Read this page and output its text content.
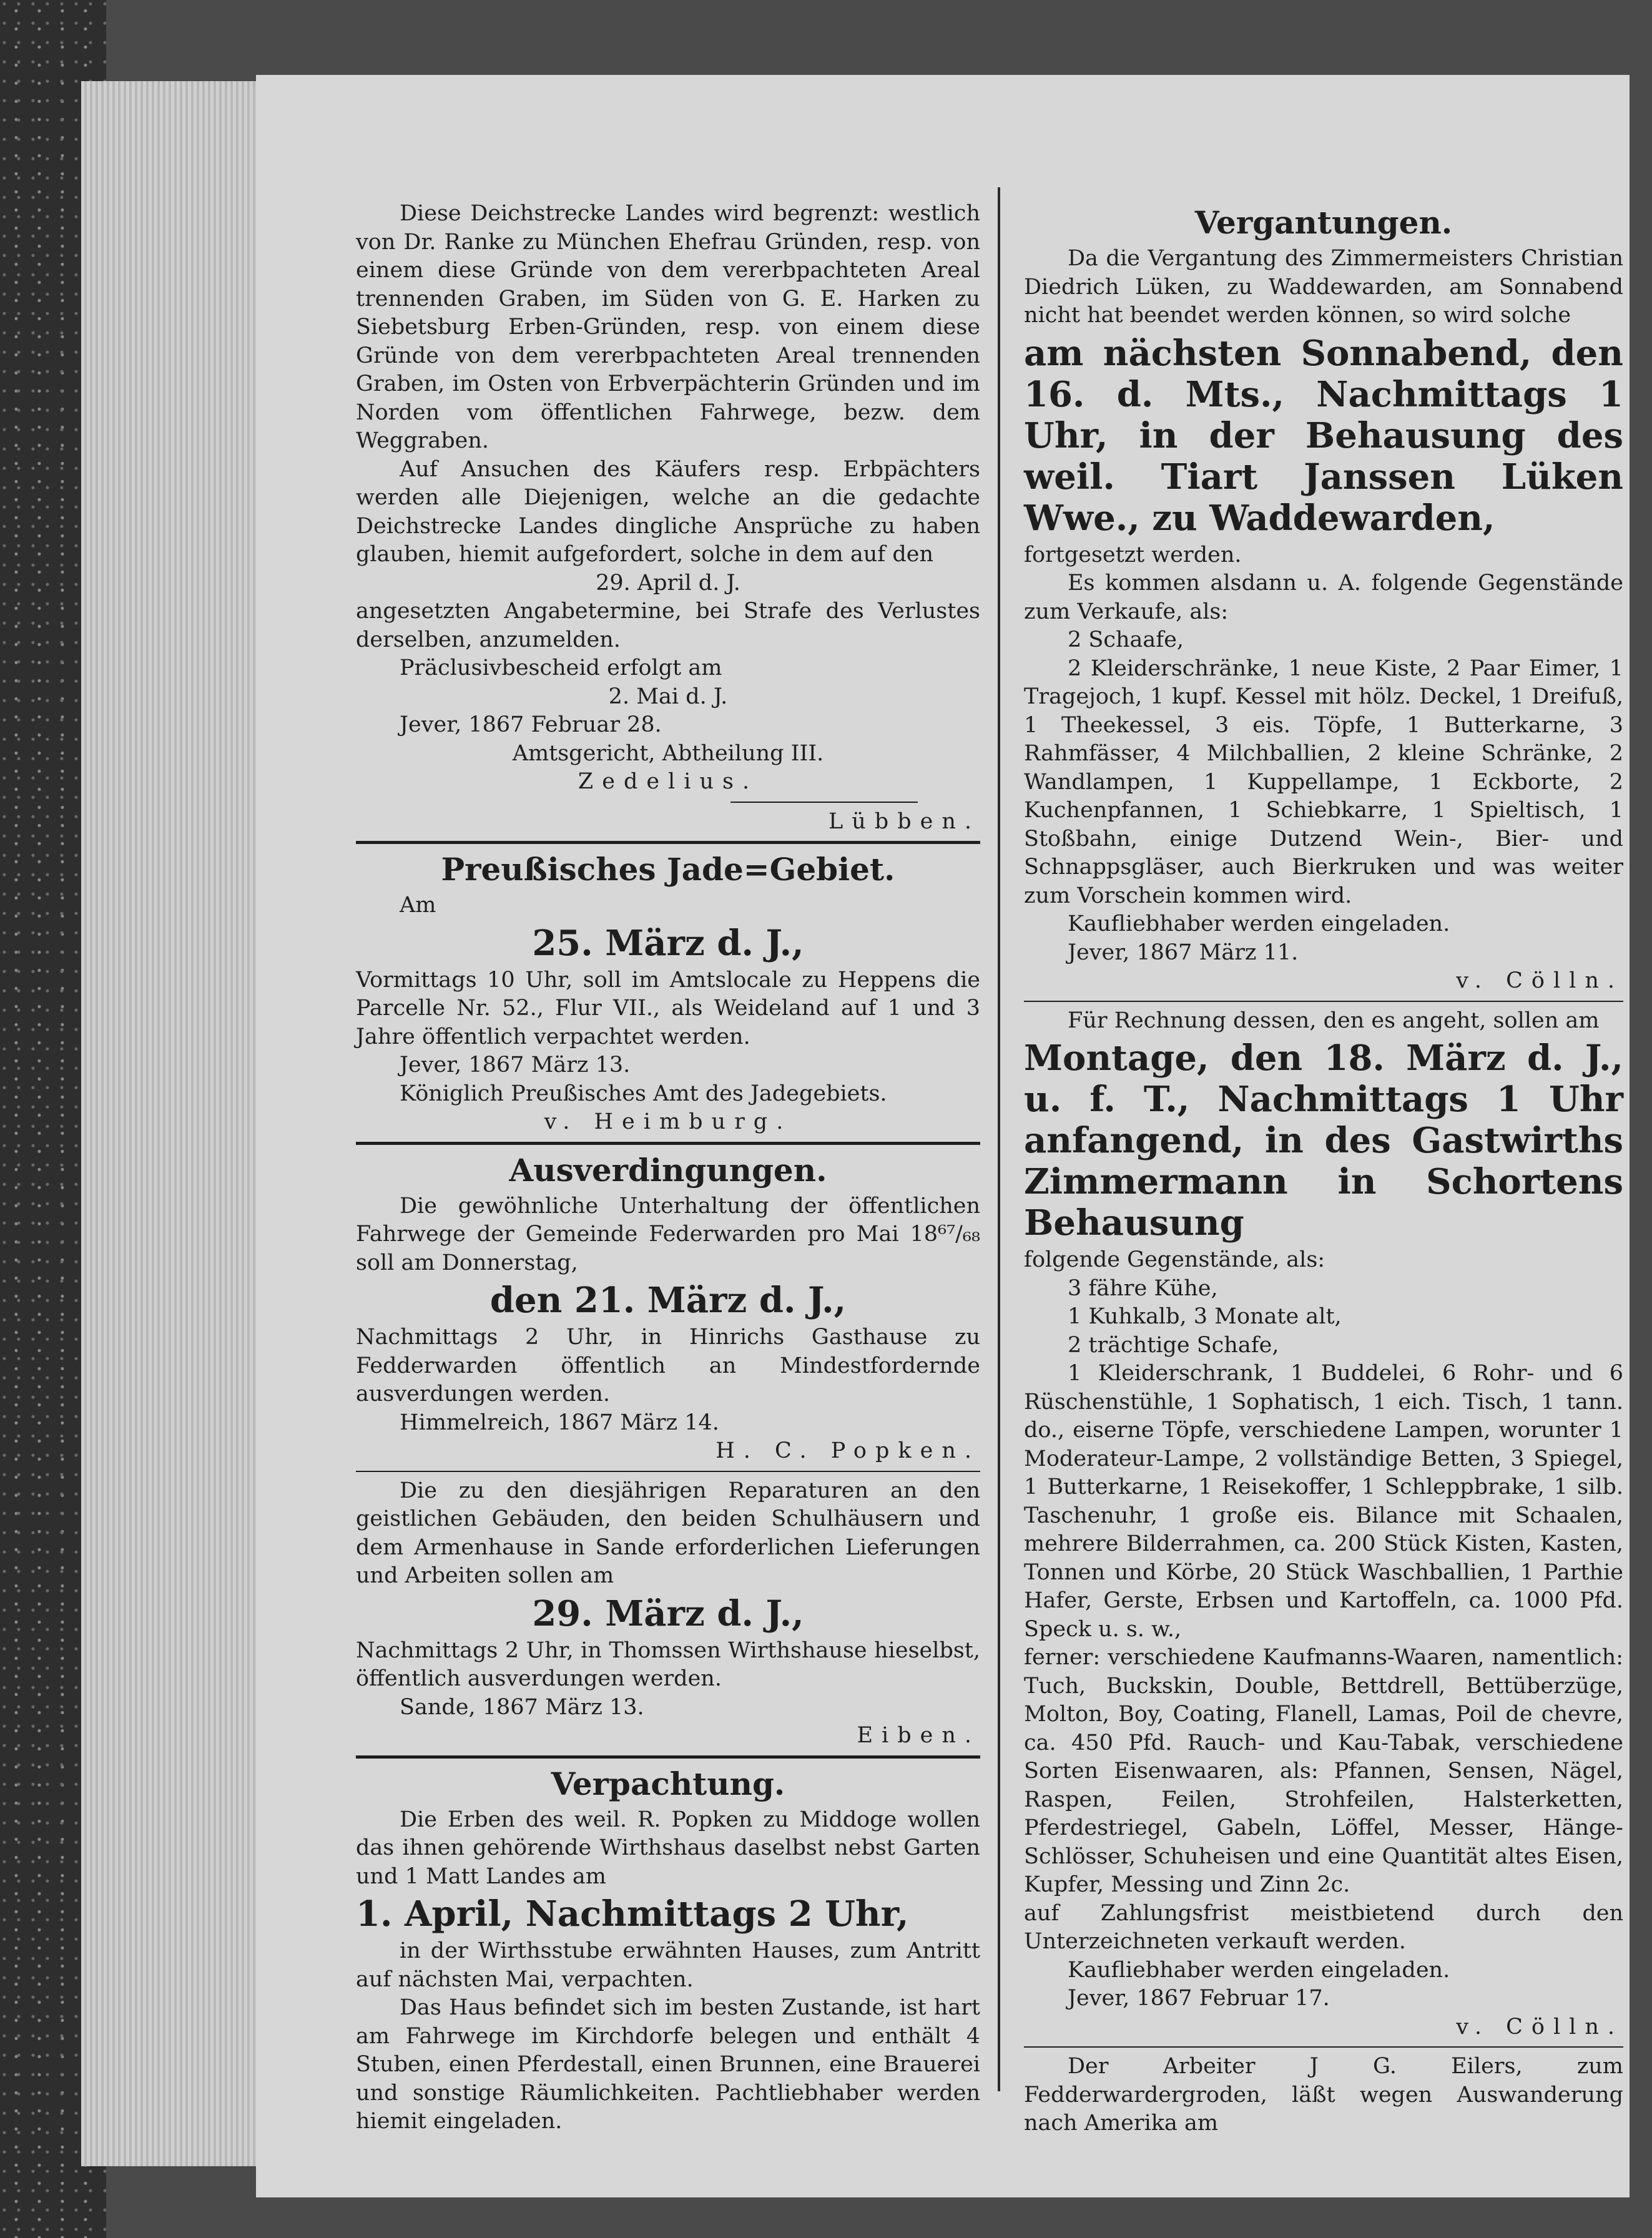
Diese Deichstrecke Landes wird begrenzt: westlich von Dr. Ranke zu München Ehefrau Gründen, resp. von einem diese Gründe von dem vererbpachteten Areal trennenden Graben, im Süden von G. E. Harken zu Siebetsburg Erben-Gründen, resp. von einem diese Gründe von dem vererbpachteten Areal trennenden Graben, im Osten von Erbverpächterin Gründen und im Norden vom öffentlichen Fahrwege, bezw. dem Weggraben.

Auf Ansuchen des Käufers resp. Erbpächters werden alle Diejenigen, welche an die gedachte Deichstrecke Landes dingliche Ansprüche zu haben glauben, hiemit aufgefordert, solche in dem auf den

29. April d. J.

angesetzten Angabetermine, bei Strafe des Verlustes derselben, anzumelden.

Präclusivbescheid erfolgt am

2. Mai d. J.

Jever, 1867 Februar 28.

Amtsgericht, Abtheilung III.

Zedelius.

Lübben.

Preußisches Jade=Gebiet.

Am

25. März d. J.,

Vormittags 10 Uhr, soll im Amtslocale zu Heppens die Parcelle Nr. 52., Flur VII., als Weideland auf 1 und 3 Jahre öffentlich verpachtet werden.

Jever, 1867 März 13.

Königlich Preußisches Amt des Jadegebiets.

v. Heimburg.

Ausverdingungen.

Die gewöhnliche Unterhaltung der öffentlichen Fahrwege der Gemeinde Federwarden pro Mai 18⁶⁷/₆₈ soll am Donnerstag,

den 21. März d. J.,

Nachmittags 2 Uhr, in Hinrichs Gasthause zu Fedderwarden öffentlich an Mindestfordernde ausverdungen werden.

Himmelreich, 1867 März 14.

H. C. Popken.

Die zu den diesjährigen Reparaturen an den geistlichen Gebäuden, den beiden Schulhäusern und dem Armenhause in Sande erforderlichen Lieferungen und Arbeiten sollen am

29. März d. J.,

Nachmittags 2 Uhr, in Thomssen Wirthshause hieselbst, öffentlich ausverdungen werden.

Sande, 1867 März 13.

Eiben.

Verpachtung.

Die Erben des weil. R. Popken zu Middoge wollen das ihnen gehörende Wirthshaus daselbst nebst Garten und 1 Matt Landes am

1. April, Nachmittags 2 Uhr,

in der Wirthsstube erwähnten Hauses, zum Antritt auf nächsten Mai, verpachten.

Das Haus befindet sich im besten Zustande, ist hart am Fahrwege im Kirchdorfe belegen und enthält 4 Stuben, einen Pferdestall, einen Brunnen, eine Brauerei und sonstige Räumlichkeiten. Pachtliebhaber werden hiemit eingeladen.

Vergantungen.

Da die Vergantung des Zimmermeisters Christian Diedrich Lüken, zu Waddewarden, am Sonnabend nicht hat beendet werden können, so wird solche

am nächsten Sonnabend, den 16. d. Mts., Nachmittags 1 Uhr, in der Behausung des weil. Tiart Janssen Lüken Wwe., zu Waddewarden,

fortgesetzt werden.

Es kommen alsdann u. A. folgende Gegenstände zum Verkaufe, als:

2 Schaafe,

2 Kleiderschränke, 1 neue Kiste, 2 Paar Eimer, 1 Tragejoch, 1 kupf. Kessel mit hölz. Deckel, 1 Dreifuß, 1 Theekessel, 3 eis. Töpfe, 1 Butterkarne, 3 Rahmfässer, 4 Milchballien, 2 kleine Schränke, 2 Wandlampen, 1 Kuppellampe, 1 Eckborte, 2 Kuchenpfannen, 1 Schiebkarre, 1 Spieltisch, 1 Stoßbahn, einige Dutzend Wein-, Bier- und Schnappsgläser, auch Bierkruken und was weiter zum Vorschein kommen wird.

Kaufliebhaber werden eingeladen.

Jever, 1867 März 11.

v. Cölln.

Für Rechnung dessen, den es angeht, sollen am

Montage, den 18. März d. J., u. f. T., Nachmittags 1 Uhr anfangend, in des Gastwirths Zimmermann in Schortens Behausung

folgende Gegenstände, als:

3 fähre Kühe,

1 Kuhkalb, 3 Monate alt,

2 trächtige Schafe,

1 Kleiderschrank, 1 Buddelei, 6 Rohr- und 6 Rüschenstühle, 1 Sophatisch, 1 eich. Tisch, 1 tann. do., eiserne Töpfe, verschiedene Lampen, worunter 1 Moderateur-Lampe, 2 vollständige Betten, 3 Spiegel, 1 Butterkarne, 1 Reisekoffer, 1 Schleppbrake, 1 silb. Taschenuhr, 1 große eis. Bilance mit Schaalen, mehrere Bilderrahmen, ca. 200 Stück Kisten, Kasten, Tonnen und Körbe, 20 Stück Waschballien, 1 Parthie Hafer, Gerste, Erbsen und Kartoffeln, ca. 1000 Pfd. Speck u. s. w.,

ferner: verschiedene Kaufmanns-Waaren, namentlich: Tuch, Buckskin, Double, Bettdrell, Bettüberzüge, Molton, Boy, Coating, Flanell, Lamas, Poil de chevre, ca. 450 Pfd. Rauch- und Kau-Tabak, verschiedene Sorten Eisenwaaren, als: Pfannen, Sensen, Nägel, Raspen, Feilen, Strohfeilen, Halsterketten, Pferdestriegel, Gabeln, Löffel, Messer, Hänge-Schlösser, Schuheisen und eine Quantität altes Eisen, Kupfer, Messing und Zinn 2c.

auf Zahlungsfrist meistbietend durch den Unterzeichneten verkauft werden.

Kaufliebhaber werden eingeladen.

Jever, 1867 Februar 17.

v. Cölln.

Der Arbeiter J G. Eilers, zum Fedderwardergroden, läßt wegen Auswanderung nach Amerika am
